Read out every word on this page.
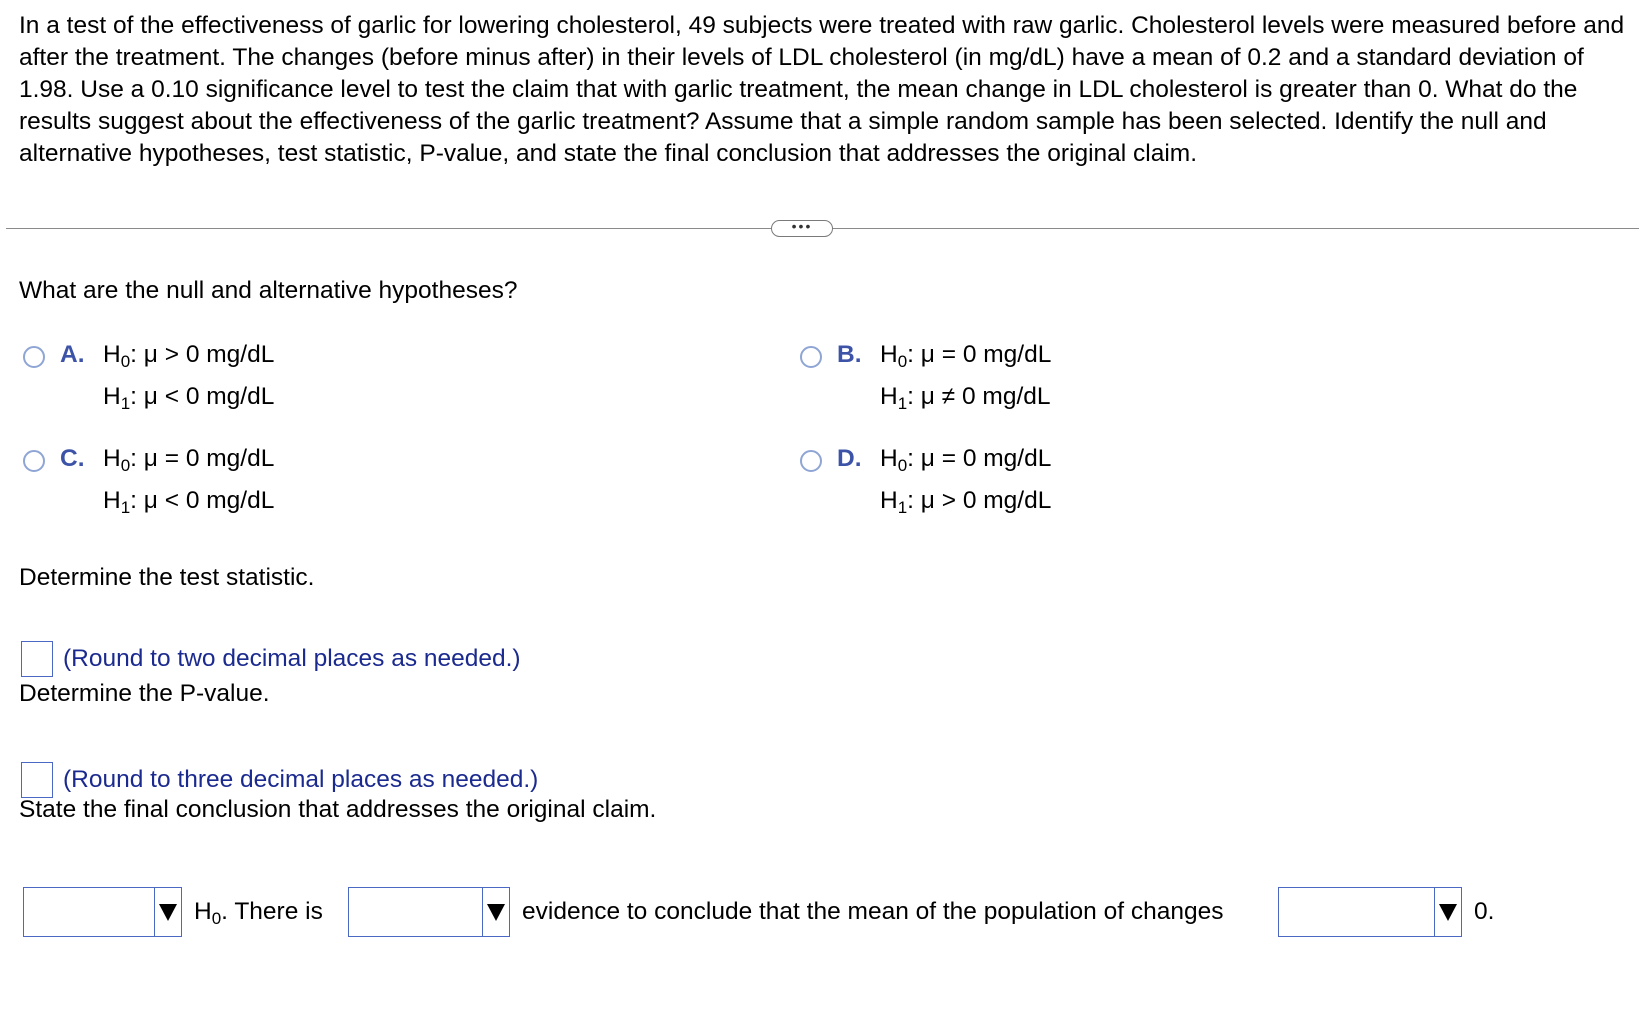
In a test of the effectiveness of garlic for lowering cholesterol, 49 subjects were treated with raw garlic. Cholesterol levels were measured before and after the treatment. The changes (before minus after) in their levels of LDL cholesterol (in mg/dL) have a mean of 0.2 and a standard deviation of 1.98. Use a 0.10 significance level to test the claim that with garlic treatment, the mean change in LDL cholesterol is greater than 0. What do the results suggest about the effectiveness of the garlic treatment? Assume that a simple random sample has been selected. Identify the null and alternative hypotheses, test statistic, P-value, and state the final conclusion that addresses the original claim.

•••
What are the null and alternative hypotheses?
A. $H_0$: μ > 0 mg/dL
$H_1$: μ < 0 mg/dL
B. $H_0$: μ = 0 mg/dL
$H_1$: μ ≠ 0 mg/dL
C. $H_0$: μ = 0 mg/dL
$H_1$: μ < 0 mg/dL
D. $H_0$: μ = 0 mg/dL
$H_1$: μ > 0 mg/dL
Determine the test statistic.
(Round to two decimal places as needed.)
Determine the P-value.
(Round to three decimal places as needed.)
State the final conclusion that addresses the original claim.
$H_0$. There is	evidence to conclude that the mean of the population of changes	0.
